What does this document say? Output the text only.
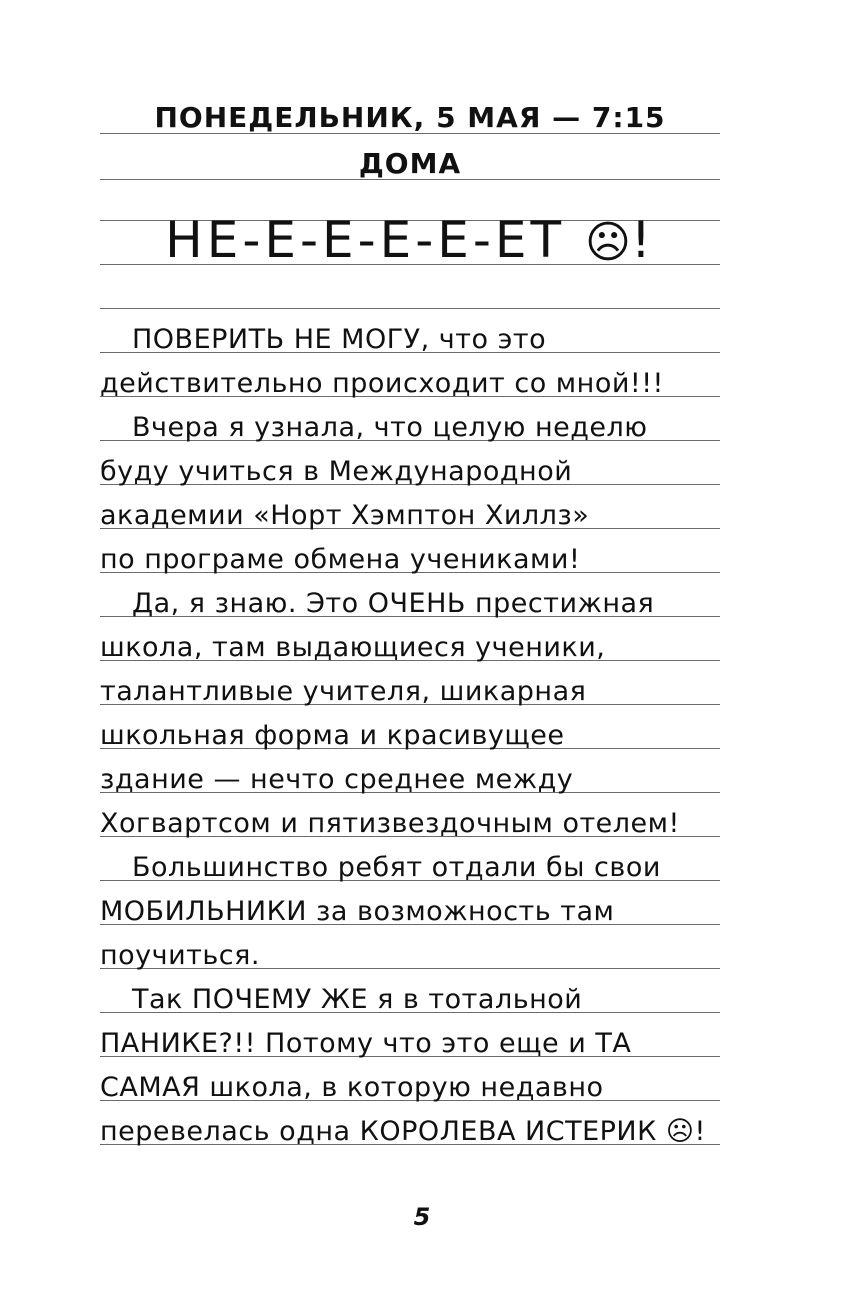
ПОНЕДЕЛЬНИК, 5 МАЯ — 7:15
ДОМА
НЕ-Е-Е-Е-Е-ЕТ ☹!
ПОВЕРИТЬ НЕ МОГУ, что это
действительно происходит со мной!!!
Вчера я узнала, что целую неделю
буду учиться в Международной
академии «Норт Хэмптон Хиллз»
по програме обмена учениками!
Да, я знаю. Это ОЧЕНЬ престижная
школа, там выдающиеся ученики,
талантливые учителя, шикарная
школьная форма и красивущее
здание — нечто среднее между
Хогвартсом и пятизвездочным отелем!
Большинство ребят отдали бы свои
МОБИЛЬНИКИ за возможность там
поучиться.
Так ПОЧЕМУ ЖЕ я в тотальной
ПАНИКЕ?!! Потому что это еще и ТА
САМАЯ школа, в которую недавно
перевелась одна КОРОЛЕВА ИСТЕРИК ☹!
5
